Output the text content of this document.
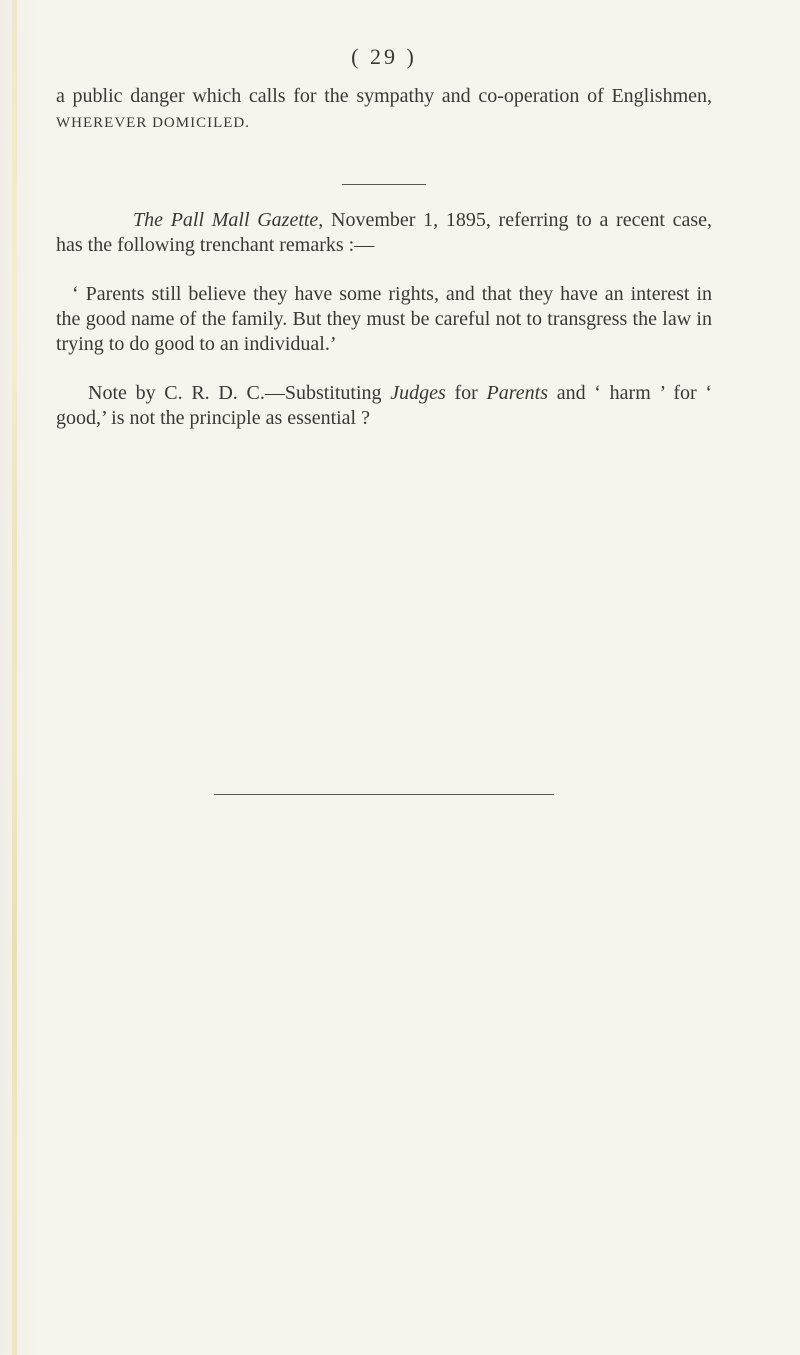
( 29 )

a public danger which calls for the sympathy and co-operation of Englishmen, WHEREVER DOMICILED.

The Pall Mall Gazette, November 1, 1895, referring to a recent case, has the following trenchant remarks :—

‘ Parents still believe they have some rights, and that they have an interest in the good name of the family. But they must be careful not to transgress the law in trying to do good to an individual.’

Note by C. R. D. C.—Substituting Judges for Parents and ‘ harm ’ for ‘ good,’ is not the principle as essential ?
